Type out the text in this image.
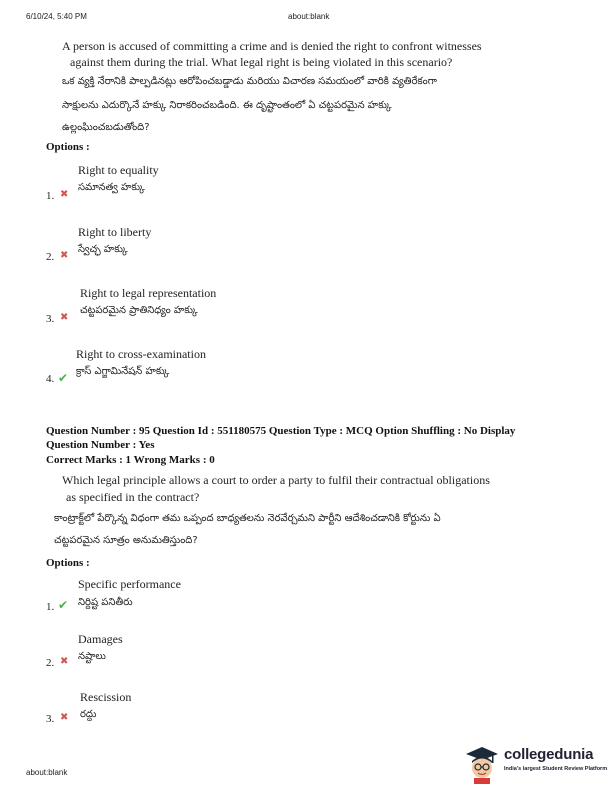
6/10/24, 5:40 PM	about:blank
A person is accused of committing a crime and is denied the right to confront witnesses
against them during the trial. What legal right is being violated in this scenario?
ఒక వ్యక్తి నేరానికి పాల్పడినట్లు ఆరోపించబడ్డాడు మరియు విచారణ సమయంలో వారికి వ్యతిరేకంగా
సాక్షులను ఎదుర్కొనే హక్కు నిరాకరించబడింది. ఈ దృష్టాంతంలో ఏ చట్టపరమైన హక్కు
ఉల్లంఘించబడుతోంది?
Options :
Right to equality
సమానత్వ హక్కు
1. ✖
Right to liberty
స్వేచ్ఛ హక్కు
2. ✖
Right to legal representation
చట్టపరమైన ప్రాతినిధ్యం హక్కు
3. ✖
Right to cross-examination
క్రాస్ ఎగ్జామినేషన్ హక్కు
4. ✔
Question Number : 95 Question Id : 551180575 Question Type : MCQ Option Shuffling : No Display
Question Number : Yes
Correct Marks : 1 Wrong Marks : 0
Which legal principle allows a court to order a party to fulfil their contractual obligations
as specified in the contract?
కాంట్రాక్ట్‌లో పేర్కొన్న విధంగా తమ ఒప్పంద బాధ్యతలను నెరవేర్చమని పార్టీని ఆదేశించడానికి కోర్టును ఏ
చట్టపరమైన సూత్రం అనుమతిస్తుంది?
Options :
Specific performance
నిర్దిష్ట పనితీరు
1. ✔
Damages
నష్టాలు
2. ✖
Rescission
రద్దు
3. ✖
about:blank
collegedunia
India's largest Student Review Platform
